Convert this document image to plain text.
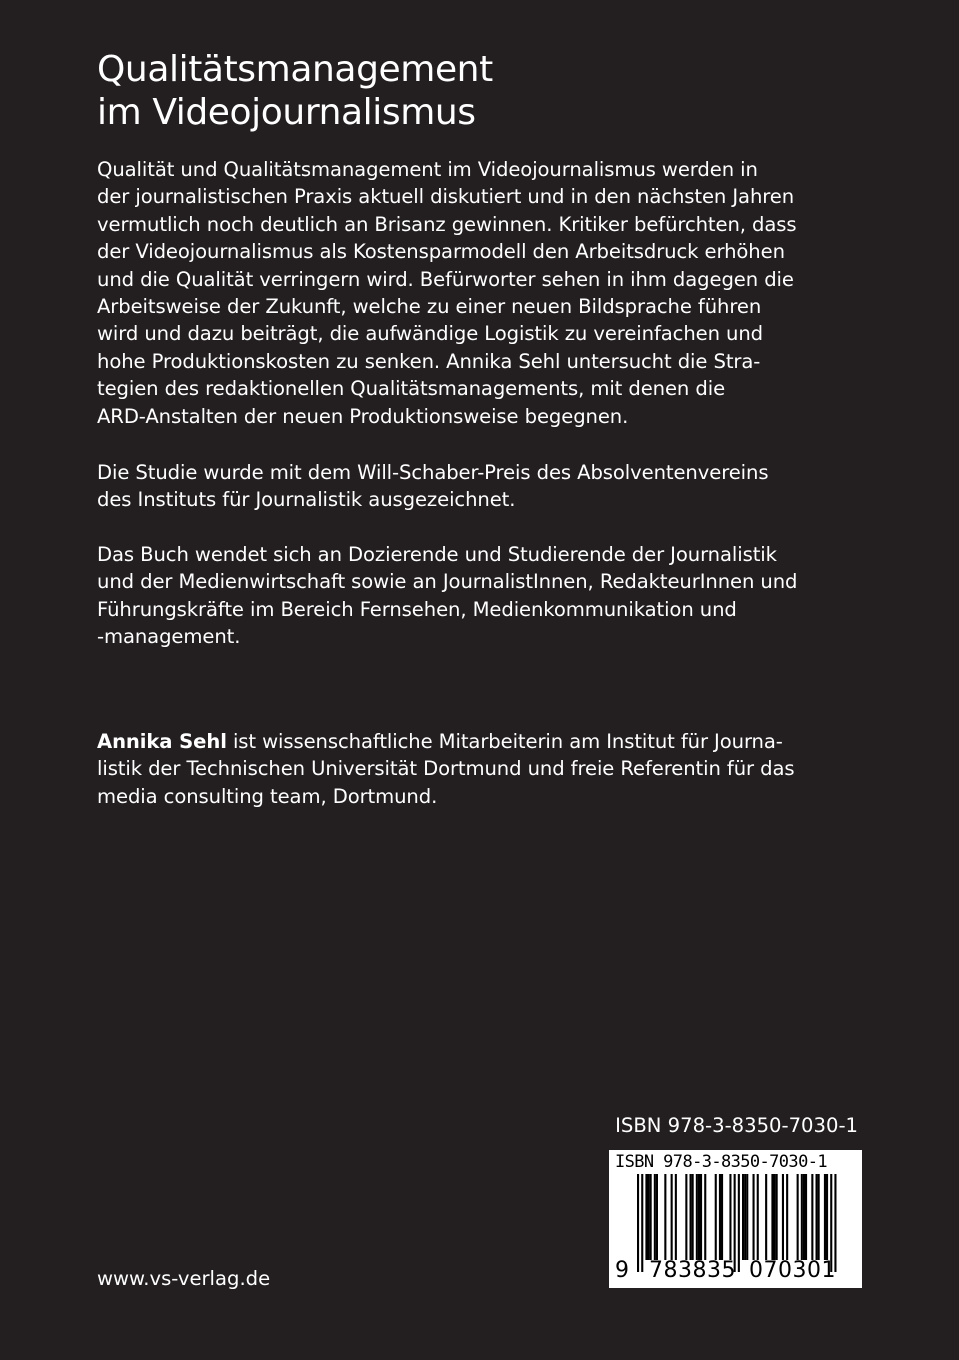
Qualitätsmanagement
im Videojournalismus

Qualität und Qualitätsmanagement im Videojournalismus werden in
der journalistischen Praxis aktuell diskutiert und in den nächsten Jahren
vermutlich noch deutlich an Brisanz gewinnen. Kritiker befürchten, dass
der Videojournalismus als Kostensparmodell den Arbeitsdruck erhöhen
und die Qualität verringern wird. Befürworter sehen in ihm dagegen die
Arbeitsweise der Zukunft, welche zu einer neuen Bildsprache führen
wird und dazu beiträgt, die aufwändige Logistik zu vereinfachen und
hohe Produktionskosten zu senken. Annika Sehl untersucht die Stra-
tegien des redaktionellen Qualitätsmanagements, mit denen die
ARD-Anstalten der neuen Produktionsweise begegnen.

Die Studie wurde mit dem Will-Schaber-Preis des Absolventenvereins
des Instituts für Journalistik ausgezeichnet.

Das Buch wendet sich an Dozierende und Studierende der Journalistik
und der Medienwirtschaft sowie an JournalistInnen, RedakteurInnen und
Führungskräfte im Bereich Fernsehen, Medienkommunikation und
-management.

Annika Sehl ist wissenschaftliche Mitarbeiterin am Institut für Journa-
listik der Technischen Universität Dortmund und freie Referentin für das
media consulting team, Dortmund.

ISBN 978-3-8350-7030-1

ISBN 978-3-8350-7030-1
9 783835 070301

www.vs-verlag.de
